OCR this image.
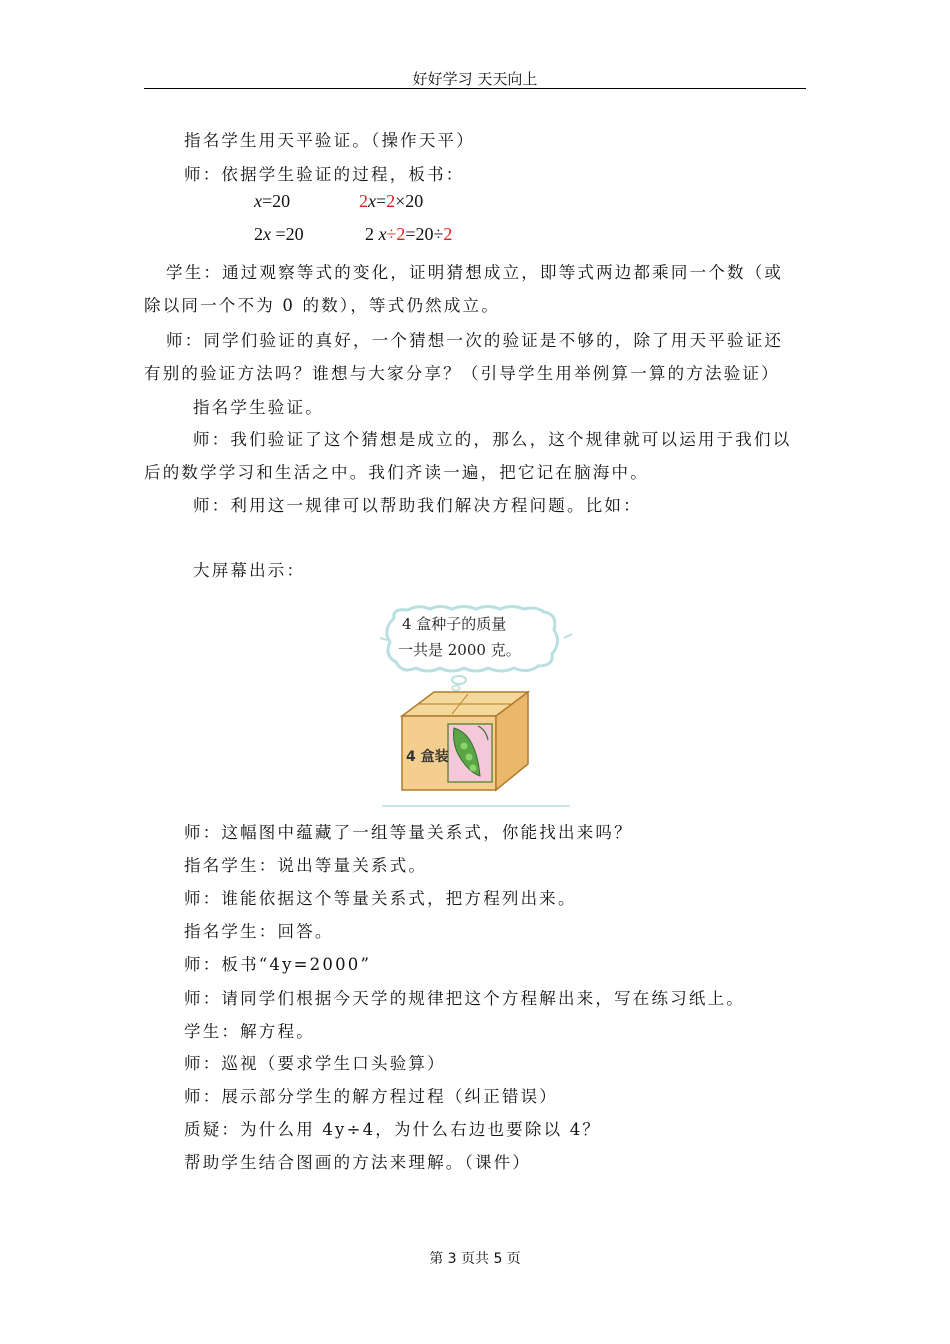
好好学习 天天向上
指名学生用天平验证。（操作天平）
师：依据学生验证的过程，板书：
x=20	2x=2×20
2x =20	2 x÷2=20÷2
学生：通过观察等式的变化，证明猜想成立，即等式两边都乘同一个数（或
除以同一个不为 0 的数），等式仍然成立。
师：同学们验证的真好，一个猜想一次的验证是不够的，除了用天平验证还
有别的验证方法吗？谁想与大家分享？（引导学生用举例算一算的方法验证）
指名学生验证。
师：我们验证了这个猜想是成立的，那么，这个规律就可以运用于我们以
后的数学学习和生活之中。我们齐读一遍，把它记在脑海中。
师：利用这一规律可以帮助我们解决方程问题。比如：
大屏幕出示：
4 盒种子的质量
一共是 2000 克。
4 盒装
师：这幅图中蕴藏了一组等量关系式，你能找出来吗？
指名学生：说出等量关系式。
师：谁能依据这个等量关系式，把方程列出来。
指名学生：回答。
师：板书“4y=2000”
师：请同学们根据今天学的规律把这个方程解出来，写在练习纸上。
学生：解方程。
师：巡视（要求学生口头验算）
师：展示部分学生的解方程过程（纠正错误）
质疑：为什么用 4y÷4，为什么右边也要除以 4？
帮助学生结合图画的方法来理解。（课件）
第 3 页共 5 页
